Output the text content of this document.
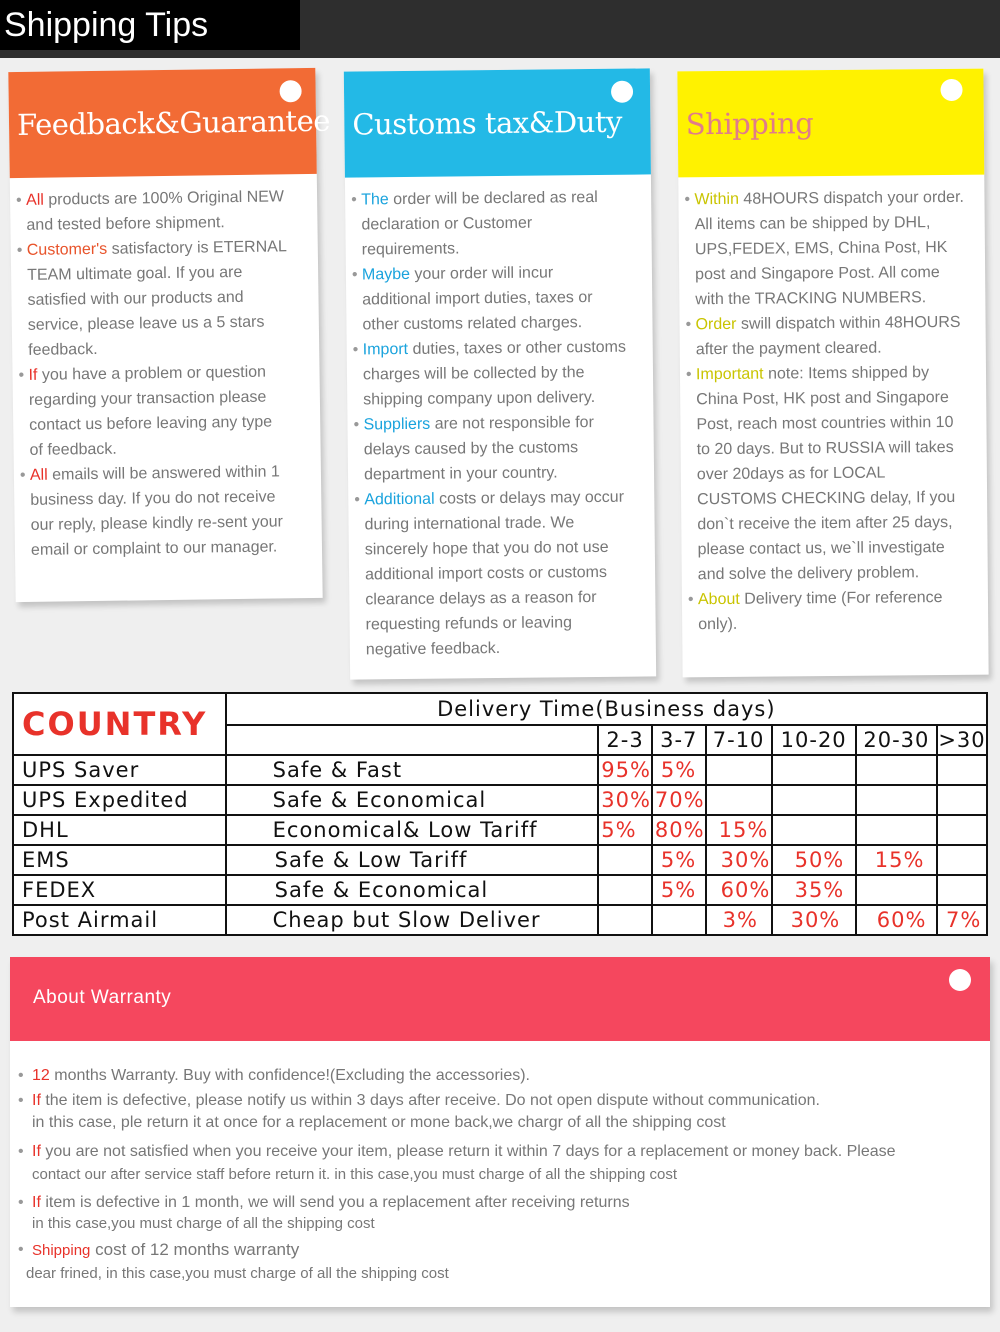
Shipping Tips
Feedback&Guarantee
• All products are 100% Original NEW
and tested before shipment.
• Customer's satisfactory is ETERNAL
TEAM ultimate goal. If you are
satisfied with our products and
service, please leave us a 5 stars
feedback.
• If you have a problem or question
regarding your transaction please
contact us before leaving any type
of feedback.
• All emails will be answered within 1
business day. If you do not receive
our reply, please kindly re-sent your
email or complaint to our manager.
Customs tax&Duty
• The order will be declared as real
declaration or Customer
requirements.
• Maybe your order will incur
additional import duties, taxes or
other customs related charges.
• Import duties, taxes or other customs
charges will be collected by the
shipping company upon delivery.
• Suppliers are not responsible for
delays caused by the customs
department in your country.
• Additional costs or delays may occur
during international trade. We
sincerely hope that you do not use
additional import costs or customs
clearance delays as a reason for
requesting refunds or leaving
negative feedback.
Shipping
• Within 48HOURS dispatch your order.
All items can be shipped by DHL,
UPS,FEDEX, EMS, China Post, HK
post and Singapore Post. All come
with the TRACKING NUMBERS.
• Order swill dispatch within 48HOURS
after the payment cleared.
• Important note: Items shipped by
China Post, HK post and Singapore
Post, reach most countries within 10
to 20 days. But to RUSSIA will takes
over 20days as for LOCAL
CUSTOMS CHECKING delay, If you
don`t receive the item after 25 days,
please contact us, we`ll investigate
and solve the delivery problem.
• About Delivery time (For reference
only).
COUNTRY	Delivery Time(Business days)						
		2-3	3-7	7-10	10-20	20-30	>30
UPS Saver	Safe & Fast	95%	5%				
UPS Expedited	Safe & Economical	30%	70%				
DHL	Economical& Low Tariff	5%	80%	15%			
EMS	Safe & Low Tariff		5%	30%	50%	15%	
FEDEX	Safe & Economical		5%	60%	35%		
Post Airmail	Cheap but Slow Deliver			3%	30%	60%	7%
About Warranty
• 12 months Warranty. Buy with confidence!(Excluding the accessories).
• If the item is defective, please notify us within 3 days after receive. Do not open dispute without communication.
in this case, ple return it at once for a replacement or mone back,we chargr of all the shipping cost
• If you are not satisfied when you receive your item, please return it within 7 days for a replacement or money back. Please
contact our after service staff before return it. in this case,you must charge of all the shipping cost
• If item is defective in 1 month, we will send you a replacement after receiving returns
in this case,you must charge of all the shipping cost
• Shipping cost of 12 months warranty
dear frined, in this case,you must charge of all the shipping cost
